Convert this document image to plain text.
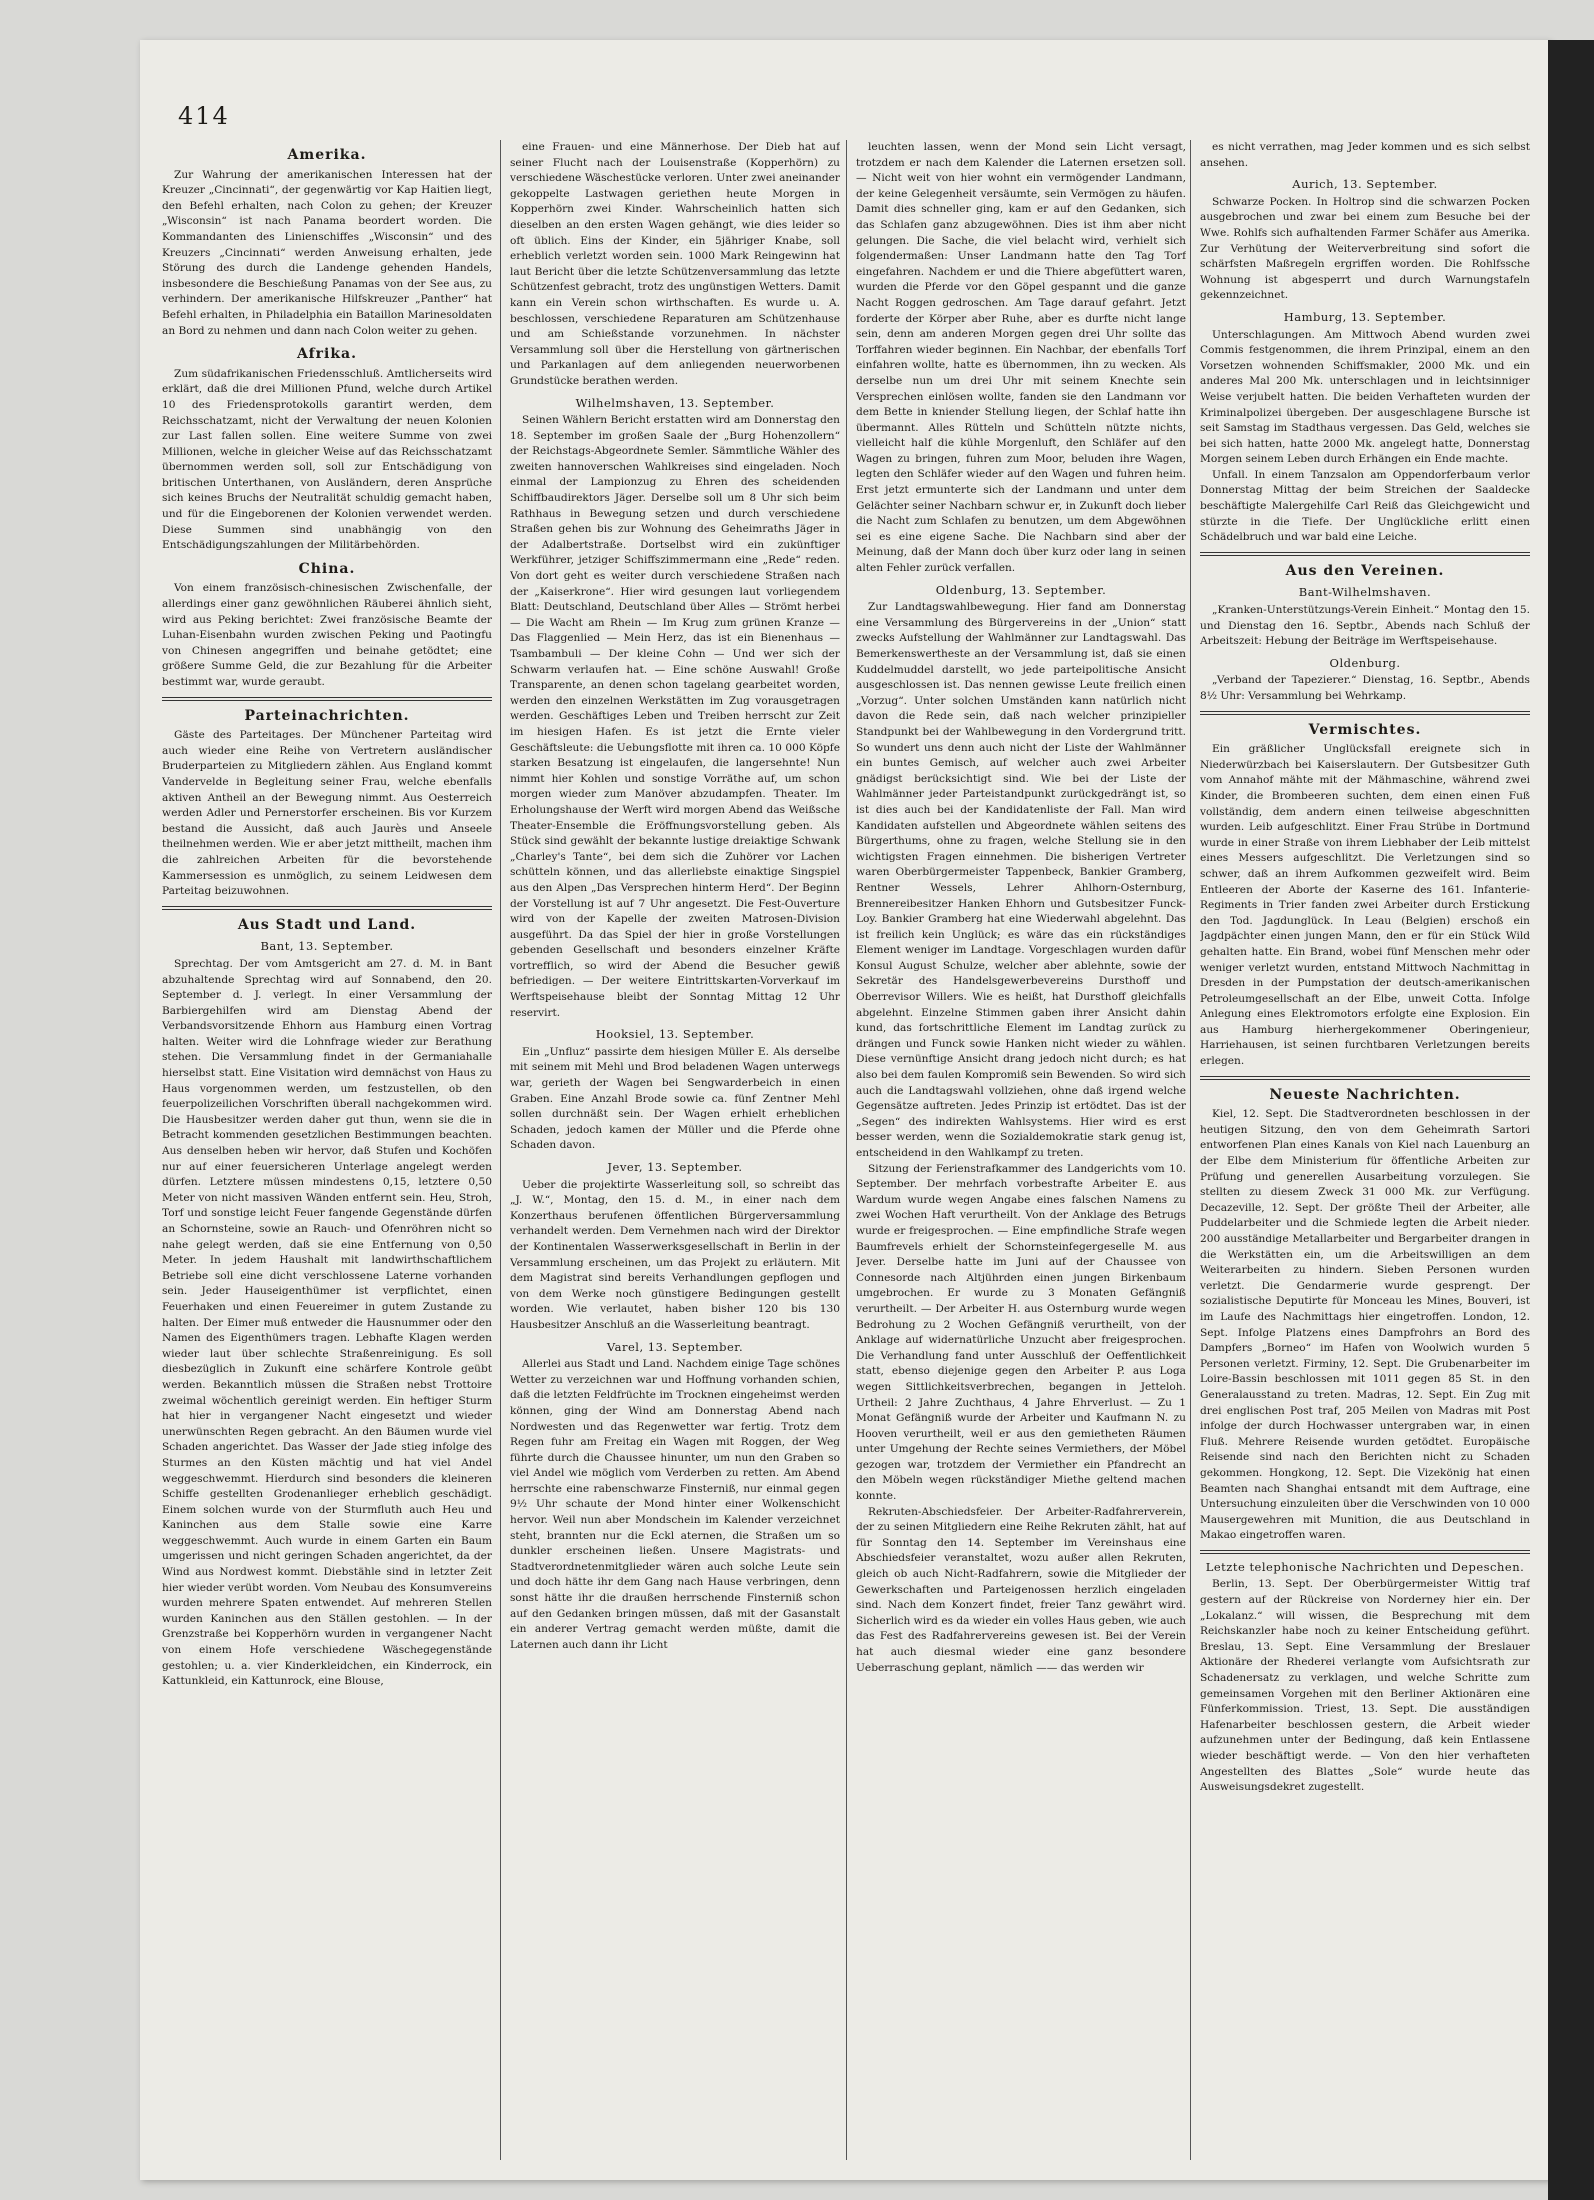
414
Amerika.

Zur Wahrung der amerikanischen Interessen hat der Kreuzer „Cincinnati“, der gegenwärtig vor Kap Haitien liegt, den Befehl erhalten, nach Colon zu gehen; der Kreuzer „Wisconsin“ ist nach Panama beordert worden. Die Kommandanten des Linienschiffes „Wisconsin“ und des Kreuzers „Cincinnati“ werden Anweisung erhalten, jede Störung des durch die Landenge gehenden Handels, insbesondere die Beschießung Panamas von der See aus, zu verhindern. Der amerikanische Hilfskreuzer „Panther“ hat Befehl erhalten, in Philadelphia ein Bataillon Marinesoldaten an Bord zu nehmen und dann nach Colon weiter zu gehen.

Afrika.

Zum südafrikanischen Friedensschluß. Amtlicherseits wird erklärt, daß die drei Millionen Pfund, welche durch Artikel 10 des Friedensprotokolls garantirt werden, dem Reichsschatzamt, nicht der Verwaltung der neuen Kolonien zur Last fallen sollen. Eine weitere Summe von zwei Millionen, welche in gleicher Weise auf das Reichsschatzamt übernommen werden soll, soll zur Entschädigung von britischen Unterthanen, von Ausländern, deren Ansprüche sich keines Bruchs der Neutralität schuldig gemacht haben, und für die Eingeborenen der Kolonien verwendet werden. Diese Summen sind unabhängig von den Entschädigungszahlungen der Militärbehörden.

China.

Von einem französisch-chinesischen Zwischenfalle, der allerdings einer ganz gewöhnlichen Räuberei ähnlich sieht, wird aus Peking berichtet: Zwei französische Beamte der Luhan-Eisenbahn wurden zwischen Peking und Paotingfu von Chinesen angegriffen und beinahe getödtet; eine größere Summe Geld, die zur Bezahlung für die Arbeiter bestimmt war, wurde geraubt.

Parteinachrichten.

Gäste des Parteitages. Der Münchener Parteitag wird auch wieder eine Reihe von Vertretern ausländischer Bruderparteien zu Mitgliedern zählen. Aus England kommt Vandervelde in Begleitung seiner Frau, welche ebenfalls aktiven Antheil an der Bewegung nimmt. Aus Oesterreich werden Adler und Pernerstorfer erscheinen. Bis vor Kurzem bestand die Aussicht, daß auch Jaurès und Anseele theilnehmen werden. Wie er aber jetzt mittheilt, machen ihm die zahlreichen Arbeiten für die bevorstehende Kammersession es unmöglich, zu seinem Leidwesen dem Parteitag beizuwohnen.

Aus Stadt und Land.
Bant, 13. September.

Sprechtag. Der vom Amtsgericht am 27. d. M. in Bant abzuhaltende Sprechtag wird auf Sonnabend, den 20. September d. J. verlegt. In einer Versammlung der Barbiergehilfen wird am Dienstag Abend der Verbandsvorsitzende Ehhorn aus Hamburg einen Vortrag halten. Weiter wird die Lohnfrage wieder zur Berathung stehen. Die Versammlung findet in der Germaniahalle hierselbst statt. Eine Visitation wird demnächst von Haus zu Haus vorgenommen werden, um festzustellen, ob den feuerpolizeilichen Vorschriften überall nachgekommen wird. Die Hausbesitzer werden daher gut thun, wenn sie die in Betracht kommenden gesetzlichen Bestimmungen beachten. Aus denselben heben wir hervor, daß Stufen und Kochöfen nur auf einer feuersicheren Unterlage angelegt werden dürfen. Letztere müssen mindestens 0,15, letztere 0,50 Meter von nicht massiven Wänden entfernt sein. Heu, Stroh, Torf und sonstige leicht Feuer fangende Gegenstände dürfen an Schornsteine, sowie an Rauch- und Ofenröhren nicht so nahe gelegt werden, daß sie eine Entfernung von 0,50 Meter. In jedem Haushalt mit landwirthschaftlichem Betriebe soll eine dicht verschlossene Laterne vorhanden sein. Jeder Hauseigenthümer ist verpflichtet, einen Feuerhaken und einen Feuereimer in gutem Zustande zu halten. Der Eimer muß entweder die Hausnummer oder den Namen des Eigenthümers tragen. Lebhafte Klagen werden wieder laut über schlechte Straßenreinigung. Es soll diesbezüglich in Zukunft eine schärfere Kontrole geübt werden. Bekanntlich müssen die Straßen nebst Trottoire zweimal wöchentlich gereinigt werden. Ein heftiger Sturm hat hier in vergangener Nacht eingesetzt und wieder unerwünschten Regen gebracht. An den Bäumen wurde viel Schaden angerichtet. Das Wasser der Jade stieg infolge des Sturmes an den Küsten mächtig und hat viel Andel weggeschwemmt. Hierdurch sind besonders die kleineren Schiffe gestellten Grodenanlieger erheblich geschädigt. Einem solchen wurde von der Sturmfluth auch Heu und Kaninchen aus dem Stalle sowie eine Karre weggeschwemmt. Auch wurde in einem Garten ein Baum umgerissen und nicht geringen Schaden angerichtet, da der Wind aus Nordwest kommt. Diebstähle sind in letzter Zeit hier wieder verübt worden. Vom Neubau des Konsumvereins wurden mehrere Spaten entwendet. Auf mehreren Stellen wurden Kaninchen aus den Ställen gestohlen. — In der Grenzstraße bei Kopperhörn wurden in vergangener Nacht von einem Hofe verschiedene Wäschegegenstände gestohlen; u. a. vier Kinderkleidchen, ein Kinderrock, ein Kattunkleid, ein Kattunrock, eine Blouse,

eine Frauen- und eine Männerhose. Der Dieb hat auf seiner Flucht nach der Louisenstraße (Kopperhörn) zu verschiedene Wäschestücke verloren. Unter zwei aneinander gekoppelte Lastwagen geriethen heute Morgen in Kopperhörn zwei Kinder. Wahrscheinlich hatten sich dieselben an den ersten Wagen gehängt, wie dies leider so oft üblich. Eins der Kinder, ein 5jähriger Knabe, soll erheblich verletzt worden sein. 1000 Mark Reingewinn hat laut Bericht über die letzte Schützenversammlung das letzte Schützenfest gebracht, trotz des ungünstigen Wetters. Damit kann ein Verein schon wirthschaften. Es wurde u. A. beschlossen, verschiedene Reparaturen am Schützenhause und am Schießstande vorzunehmen. In nächster Versammlung soll über die Herstellung von gärtnerischen und Parkanlagen auf dem anliegenden neuerworbenen Grundstücke berathen werden.

Wilhelmshaven, 13. September.

Seinen Wählern Bericht erstatten wird am Donnerstag den 18. September im großen Saale der „Burg Hohenzollern“ der Reichstags-Abgeordnete Semler. Sämmtliche Wähler des zweiten hannoverschen Wahlkreises sind eingeladen. Noch einmal der Lampionzug zu Ehren des scheidenden Schiffbaudirektors Jäger. Derselbe soll um 8 Uhr sich beim Rathhaus in Bewegung setzen und durch verschiedene Straßen gehen bis zur Wohnung des Geheimraths Jäger in der Adalbertstraße. Dortselbst wird ein zukünftiger Werkführer, jetziger Schiffszimmermann eine „Rede“ reden. Von dort geht es weiter durch verschiedene Straßen nach der „Kaiserkrone“. Hier wird gesungen laut vorliegendem Blatt: Deutschland, Deutschland über Alles — Strömt herbei — Die Wacht am Rhein — Im Krug zum grünen Kranze — Das Flaggenlied — Mein Herz, das ist ein Bienenhaus — Tsambambuli — Der kleine Cohn — Und wer sich der Schwarm verlaufen hat. — Eine schöne Auswahl! Große Transparente, an denen schon tagelang gearbeitet worden, werden den einzelnen Werkstätten im Zug vorausgetragen werden. Geschäftiges Leben und Treiben herrscht zur Zeit im hiesigen Hafen. Es ist jetzt die Ernte vieler Geschäftsleute: die Uebungsflotte mit ihren ca. 10 000 Köpfe starken Besatzung ist eingelaufen, die langersehnte! Nun nimmt hier Kohlen und sonstige Vorräthe auf, um schon morgen wieder zum Manöver abzudampfen. Theater. Im Erholungshause der Werft wird morgen Abend das Weißsche Theater-Ensemble die Eröffnungsvorstellung geben. Als Stück sind gewählt der bekannte lustige dreiaktige Schwank „Charley's Tante“, bei dem sich die Zuhörer vor Lachen schütteln können, und das allerliebste einaktige Singspiel aus den Alpen „Das Versprechen hinterm Herd“. Der Beginn der Vorstellung ist auf 7 Uhr angesetzt. Die Fest-Ouverture wird von der Kapelle der zweiten Matrosen-Division ausgeführt. Da das Spiel der hier in große Vorstellungen gebenden Gesellschaft und besonders einzelner Kräfte vortrefflich, so wird der Abend die Besucher gewiß befriedigen. — Der weitere Eintrittskarten-Vorverkauf im Werftspeisehause bleibt der Sonntag Mittag 12 Uhr reservirt.

Hooksiel, 13. September.

Ein „Unfluz“ passirte dem hiesigen Müller E. Als derselbe mit seinem mit Mehl und Brod beladenen Wagen unterwegs war, gerieth der Wagen bei Sengwarderbeich in einen Graben. Eine Anzahl Brode sowie ca. fünf Zentner Mehl sollen durchnäßt sein. Der Wagen erhielt erheblichen Schaden, jedoch kamen der Müller und die Pferde ohne Schaden davon.

Jever, 13. September.

Ueber die projektirte Wasserleitung soll, so schreibt das „J. W.“, Montag, den 15. d. M., in einer nach dem Konzerthaus berufenen öffentlichen Bürgerversammlung verhandelt werden. Dem Vernehmen nach wird der Direktor der Kontinentalen Wasserwerksgesellschaft in Berlin in der Versammlung erscheinen, um das Projekt zu erläutern. Mit dem Magistrat sind bereits Verhandlungen gepflogen und von dem Werke noch günstigere Bedingungen gestellt worden. Wie verlautet, haben bisher 120 bis 130 Hausbesitzer Anschluß an die Wasserleitung beantragt.

Varel, 13. September.

Allerlei aus Stadt und Land. Nachdem einige Tage schönes Wetter zu verzeichnen war und Hoffnung vorhanden schien, daß die letzten Feldfrüchte im Trocknen eingeheimst werden können, ging der Wind am Donnerstag Abend nach Nordwesten und das Regenwetter war fertig. Trotz dem Regen fuhr am Freitag ein Wagen mit Roggen, der Weg führte durch die Chaussee hinunter, um nun den Graben so viel Andel wie möglich vom Verderben zu retten. Am Abend herrschte eine rabenschwarze Finsterniß, nur einmal gegen 9½ Uhr schaute der Mond hinter einer Wolkenschicht hervor. Weil nun aber Mondschein im Kalender verzeichnet steht, brannten nur die Eckl aternen, die Straßen um so dunkler erscheinen ließen. Unsere Magistrats- und Stadtverordnetenmitglieder wären auch solche Leute sein und doch hätte ihr dem Gang nach Hause verbringen, denn sonst hätte ihr die draußen herrschende Finsterniß schon auf den Gedanken bringen müssen, daß mit der Gasanstalt ein anderer Vertrag gemacht werden müßte, damit die Laternen auch dann ihr Licht

leuchten lassen, wenn der Mond sein Licht versagt, trotzdem er nach dem Kalender die Laternen ersetzen soll. — Nicht weit von hier wohnt ein vermögender Landmann, der keine Gelegenheit versäumte, sein Vermögen zu häufen. Damit dies schneller ging, kam er auf den Gedanken, sich das Schlafen ganz abzugewöhnen. Dies ist ihm aber nicht gelungen. Die Sache, die viel belacht wird, verhielt sich folgendermaßen: Unser Landmann hatte den Tag Torf eingefahren. Nachdem er und die Thiere abgefüttert waren, wurden die Pferde vor den Göpel gespannt und die ganze Nacht Roggen gedroschen. Am Tage darauf gefahrt. Jetzt forderte der Körper aber Ruhe, aber es durfte nicht lange sein, denn am anderen Morgen gegen drei Uhr sollte das Torffahren wieder beginnen. Ein Nachbar, der ebenfalls Torf einfahren wollte, hatte es übernommen, ihn zu wecken. Als derselbe nun um drei Uhr mit seinem Knechte sein Versprechen einlösen wollte, fanden sie den Landmann vor dem Bette in kniender Stellung liegen, der Schlaf hatte ihn übermannt. Alles Rütteln und Schütteln nützte nichts, vielleicht half die kühle Morgenluft, den Schläfer auf den Wagen zu bringen, fuhren zum Moor, beluden ihre Wagen, legten den Schläfer wieder auf den Wagen und fuhren heim. Erst jetzt ermunterte sich der Landmann und unter dem Gelächter seiner Nachbarn schwur er, in Zukunft doch lieber die Nacht zum Schlafen zu benutzen, um dem Abgewöhnen sei es eine eigene Sache. Die Nachbarn sind aber der Meinung, daß der Mann doch über kurz oder lang in seinen alten Fehler zurück verfallen.

Oldenburg, 13. September.

Zur Landtagswahlbewegung. Hier fand am Donnerstag eine Versammlung des Bürgervereins in der „Union“ statt zwecks Aufstellung der Wahlmänner zur Landtagswahl. Das Bemerkenswertheste an der Versammlung ist, daß sie einen Kuddelmuddel darstellt, wo jede parteipolitische Ansicht ausgeschlossen ist. Das nennen gewisse Leute freilich einen „Vorzug“. Unter solchen Umständen kann natürlich nicht davon die Rede sein, daß nach welcher prinzipieller Standpunkt bei der Wahlbewegung in den Vordergrund tritt. So wundert uns denn auch nicht der Liste der Wahlmänner ein buntes Gemisch, auf welcher auch zwei Arbeiter gnädigst berücksichtigt sind. Wie bei der Liste der Wahlmänner jeder Parteistandpunkt zurückgedrängt ist, so ist dies auch bei der Kandidatenliste der Fall. Man wird Kandidaten aufstellen und Abgeordnete wählen seitens des Bürgerthums, ohne zu fragen, welche Stellung sie in den wichtigsten Fragen einnehmen. Die bisherigen Vertreter waren Oberbürgermeister Tappenbeck, Bankier Gramberg, Rentner Wessels, Lehrer Ahlhorn-Osternburg, Brennereibesitzer Hanken Ehhorn und Gutsbesitzer Funck-Loy. Bankier Gramberg hat eine Wiederwahl abgelehnt. Das ist freilich kein Unglück; es wäre das ein rückständiges Element weniger im Landtage. Vorgeschlagen wurden dafür Konsul August Schulze, welcher aber ablehnte, sowie der Sekretär des Handelsgewerbevereins Dursthoff und Oberrevisor Willers. Wie es heißt, hat Dursthoff gleichfalls abgelehnt. Einzelne Stimmen gaben ihrer Ansicht dahin kund, das fortschrittliche Element im Landtag zurück zu drängen und Funck sowie Hanken nicht wieder zu wählen. Diese vernünftige Ansicht drang jedoch nicht durch; es hat also bei dem faulen Kompromiß sein Bewenden. So wird sich auch die Landtagswahl vollziehen, ohne daß irgend welche Gegensätze auftreten. Jedes Prinzip ist ertödtet. Das ist der „Segen“ des indirekten Wahlsystems. Hier wird es erst besser werden, wenn die Sozialdemokratie stark genug ist, entscheidend in den Wahlkampf zu treten.

Sitzung der Ferienstrafkammer des Landgerichts vom 10. September. Der mehrfach vorbestrafte Arbeiter E. aus Wardum wurde wegen Angabe eines falschen Namens zu zwei Wochen Haft verurtheilt. Von der Anklage des Betrugs wurde er freigesprochen. — Eine empfindliche Strafe wegen Baumfrevels erhielt der Schornsteinfegergeselle M. aus Jever. Derselbe hatte im Juni auf der Chaussee von Connesorde nach Altjührden einen jungen Birkenbaum umgebrochen. Er wurde zu 3 Monaten Gefängniß verurtheilt. — Der Arbeiter H. aus Osternburg wurde wegen Bedrohung zu 2 Wochen Gefängniß verurtheilt, von der Anklage auf widernatürliche Unzucht aber freigesprochen. Die Verhandlung fand unter Ausschluß der Oeffentlichkeit statt, ebenso diejenige gegen den Arbeiter P. aus Loga wegen Sittlichkeitsverbrechen, begangen in Jetteloh. Urtheil: 2 Jahre Zuchthaus, 4 Jahre Ehrverlust. — Zu 1 Monat Gefängniß wurde der Arbeiter und Kaufmann N. zu Hooven verurtheilt, weil er aus den gemietheten Räumen unter Umgehung der Rechte seines Vermiethers, der Möbel gezogen war, trotzdem der Vermiether ein Pfandrecht an den Möbeln wegen rückständiger Miethe geltend machen konnte.

Rekruten-Abschiedsfeier. Der Arbeiter-Radfahrerverein, der zu seinen Mitgliedern eine Reihe Rekruten zählt, hat auf für Sonntag den 14. September im Vereinshaus eine Abschiedsfeier veranstaltet, wozu außer allen Rekruten, gleich ob auch Nicht-Radfahrern, sowie die Mitglieder der Gewerkschaften und Parteigenossen herzlich eingeladen sind. Nach dem Konzert findet, freier Tanz gewährt wird. Sicherlich wird es da wieder ein volles Haus geben, wie auch das Fest des Radfahrervereins gewesen ist. Bei der Verein hat auch diesmal wieder eine ganz besondere Ueberraschung geplant, nämlich —— das werden wir

es nicht verrathen, mag Jeder kommen und es sich selbst ansehen.

Aurich, 13. September.

Schwarze Pocken. In Holtrop sind die schwarzen Pocken ausgebrochen und zwar bei einem zum Besuche bei der Wwe. Rohlfs sich aufhaltenden Farmer Schäfer aus Amerika. Zur Verhütung der Weiterverbreitung sind sofort die schärfsten Maßregeln ergriffen worden. Die Rohlfssche Wohnung ist abgesperrt und durch Warnungstafeln gekennzeichnet.

Hamburg, 13. September.

Unterschlagungen. Am Mittwoch Abend wurden zwei Commis festgenommen, die ihrem Prinzipal, einem an den Vorsetzen wohnenden Schiffsmakler, 2000 Mk. und ein anderes Mal 200 Mk. unterschlagen und in leichtsinniger Weise verjubelt hatten. Die beiden Verhafteten wurden der Kriminalpolizei übergeben. Der ausgeschlagene Bursche ist seit Samstag im Stadthaus vergessen. Das Geld, welches sie bei sich hatten, hatte 2000 Mk. angelegt hatte, Donnerstag Morgen seinem Leben durch Erhängen ein Ende machte.

Unfall. In einem Tanzsalon am Oppendorferbaum verlor Donnerstag Mittag der beim Streichen der Saaldecke beschäftigte Malergehilfe Carl Reiß das Gleichgewicht und stürzte in die Tiefe. Der Unglückliche erlitt einen Schädelbruch und war bald eine Leiche.

Aus den Vereinen.
Bant-Wilhelmshaven.

„Kranken-Unterstützungs-Verein Einheit.“ Montag den 15. und Dienstag den 16. Septbr., Abends nach Schluß der Arbeitszeit: Hebung der Beiträge im Werftspeisehause.

Oldenburg.

„Verband der Tapezierer.“ Dienstag, 16. Septbr., Abends 8½ Uhr: Versammlung bei Wehrkamp.

Vermischtes.

Ein gräßlicher Unglücksfall ereignete sich in Niederwürzbach bei Kaiserslautern. Der Gutsbesitzer Guth vom Annahof mähte mit der Mähmaschine, während zwei Kinder, die Brombeeren suchten, dem einen einen Fuß vollständig, dem andern einen teilweise abgeschnitten wurden. Leib aufgeschlitzt. Einer Frau Strübe in Dortmund wurde in einer Straße von ihrem Liebhaber der Leib mittelst eines Messers aufgeschlitzt. Die Verletzungen sind so schwer, daß an ihrem Aufkommen gezweifelt wird. Beim Entleeren der Aborte der Kaserne des 161. Infanterie-Regiments in Trier fanden zwei Arbeiter durch Erstickung den Tod. Jagdunglück. In Leau (Belgien) erschoß ein Jagdpächter einen jungen Mann, den er für ein Stück Wild gehalten hatte. Ein Brand, wobei fünf Menschen mehr oder weniger verletzt wurden, entstand Mittwoch Nachmittag in Dresden in der Pumpstation der deutsch-amerikanischen Petroleumgesellschaft an der Elbe, unweit Cotta. Infolge Anlegung eines Elektromotors erfolgte eine Explosion. Ein aus Hamburg hierhergekommener Oberingenieur, Harriehausen, ist seinen furchtbaren Verletzungen bereits erlegen.

Neueste Nachrichten.

Kiel, 12. Sept. Die Stadtverordneten beschlossen in der heutigen Sitzung, den von dem Geheimrath Sartori entworfenen Plan eines Kanals von Kiel nach Lauenburg an der Elbe dem Ministerium für öffentliche Arbeiten zur Prüfung und generellen Ausarbeitung vorzulegen. Sie stellten zu diesem Zweck 31 000 Mk. zur Verfügung. Decazeville, 12. Sept. Der größte Theil der Arbeiter, alle Puddelarbeiter und die Schmiede legten die Arbeit nieder. 200 ausständige Metallarbeiter und Bergarbeiter drangen in die Werkstätten ein, um die Arbeitswilligen an dem Weiterarbeiten zu hindern. Sieben Personen wurden verletzt. Die Gendarmerie wurde gesprengt. Der sozialistische Deputirte für Monceau les Mines, Bouveri, ist im Laufe des Nachmittags hier eingetroffen. London, 12. Sept. Infolge Platzens eines Dampfrohrs an Bord des Dampfers „Borneo“ im Hafen von Woolwich wurden 5 Personen verletzt. Firminy, 12. Sept. Die Grubenarbeiter im Loire-Bassin beschlossen mit 1011 gegen 85 St. in den Generalausstand zu treten. Madras, 12. Sept. Ein Zug mit drei englischen Post traf, 205 Meilen von Madras mit Post infolge der durch Hochwasser untergraben war, in einen Fluß. Mehrere Reisende wurden getödtet. Europäische Reisende sind nach den Berichten nicht zu Schaden gekommen. Hongkong, 12. Sept. Die Vizekönig hat einen Beamten nach Shanghai entsandt mit dem Auftrage, eine Untersuchung einzuleiten über die Verschwinden von 10 000 Mausergewehren mit Munition, die aus Deutschland in Makao eingetroffen waren.

Letzte telephonische Nachrichten und Depeschen.

Berlin, 13. Sept. Der Oberbürgermeister Wittig traf gestern auf der Rückreise von Norderney hier ein. Der „Lokalanz.“ will wissen, die Besprechung mit dem Reichskanzler habe noch zu keiner Entscheidung geführt. Breslau, 13. Sept. Eine Versammlung der Breslauer Aktionäre der Rhederei verlangte vom Aufsichtsrath zur Schadenersatz zu verklagen, und welche Schritte zum gemeinsamen Vorgehen mit den Berliner Aktionären eine Fünferkommission. Triest, 13. Sept. Die ausständigen Hafenarbeiter beschlossen gestern, die Arbeit wieder aufzunehmen unter der Bedingung, daß kein Entlassene wieder beschäftigt werde. — Von den hier verhafteten Angestellten des Blattes „Sole“ wurde heute das Ausweisungsdekret zugestellt.
